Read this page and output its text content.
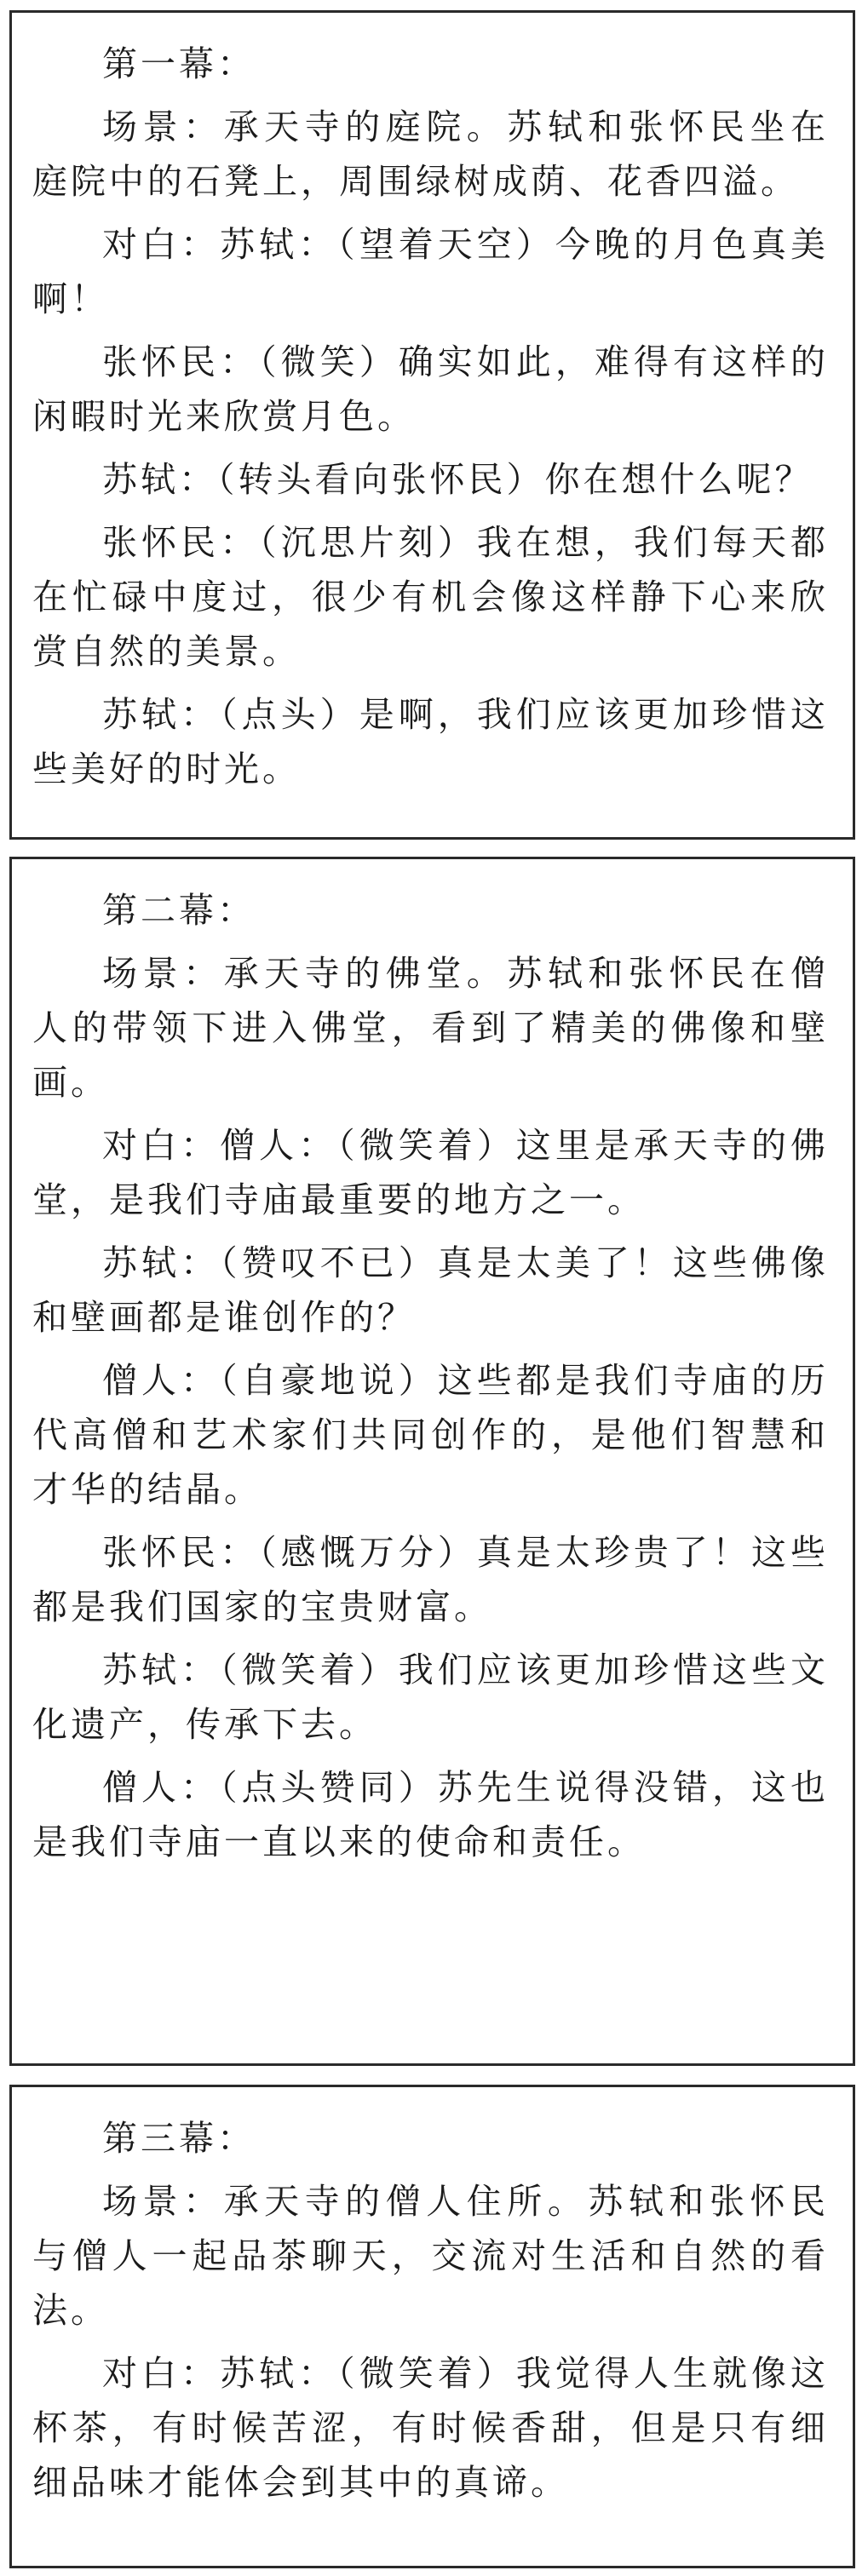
第一幕：

场景：承天寺的庭院。苏轼和张怀民坐在庭院中的石凳上，周围绿树成荫、花香四溢。

对白：苏轼：（望着天空）今晚的月色真美啊！

张怀民：（微笑）确实如此，难得有这样的闲暇时光来欣赏月色。

苏轼：（转头看向张怀民）你在想什么呢？

张怀民：（沉思片刻）我在想，我们每天都在忙碌中度过，很少有机会像这样静下心来欣赏自然的美景。

苏轼：（点头）是啊，我们应该更加珍惜这些美好的时光。

第二幕：

场景：承天寺的佛堂。苏轼和张怀民在僧人的带领下进入佛堂，看到了精美的佛像和壁画。

对白：僧人：（微笑着）这里是承天寺的佛堂，是我们寺庙最重要的地方之一。

苏轼：（赞叹不已）真是太美了！这些佛像和壁画都是谁创作的？

僧人：（自豪地说）这些都是我们寺庙的历代高僧和艺术家们共同创作的，是他们智慧和才华的结晶。

张怀民：（感慨万分）真是太珍贵了！这些都是我们国家的宝贵财富。

苏轼：（微笑着）我们应该更加珍惜这些文化遗产，传承下去。

僧人：（点头赞同）苏先生说得没错，这也是我们寺庙一直以来的使命和责任。

第三幕：

场景：承天寺的僧人住所。苏轼和张怀民与僧人一起品茶聊天，交流对生活和自然的看法。

对白：苏轼：（微笑着）我觉得人生就像这杯茶，有时候苦涩，有时候香甜，但是只有细细品味才能体会到其中的真谛。
